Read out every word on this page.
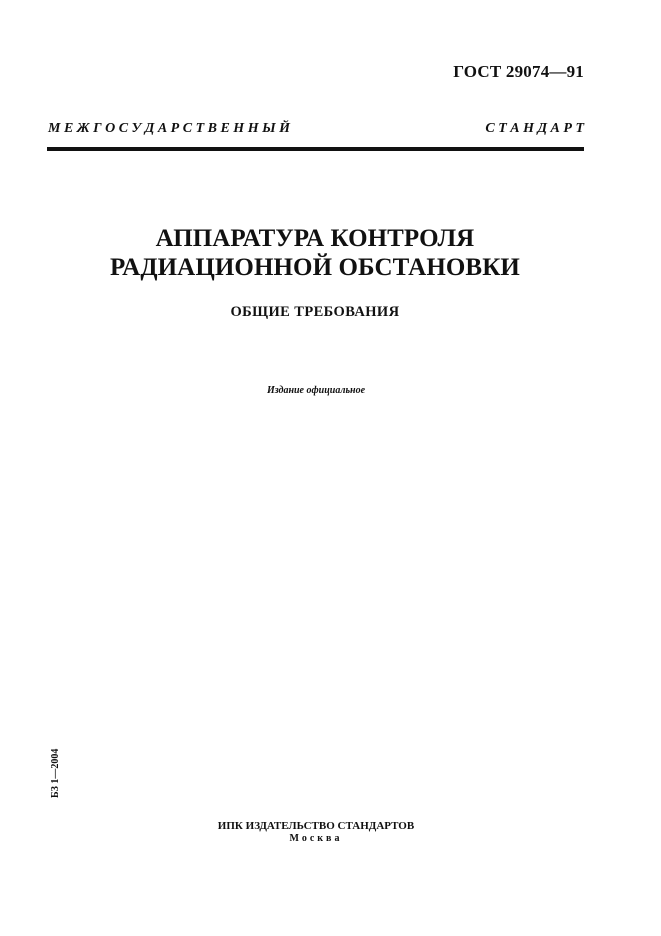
ГОСТ 29074—91
М Е Ж Г О С У Д А Р С Т В Е Н Н Ы Й	С Т А Н Д А Р Т
АППАРАТУРА КОНТРОЛЯ
РАДИАЦИОННОЙ ОБСТАНОВКИ
ОБЩИЕ ТРЕБОВАНИЯ
Издание официальное
БЗ 1—2004
ИПК ИЗДАТЕЛЬСТВО СТАНДАРТОВ
Москва
